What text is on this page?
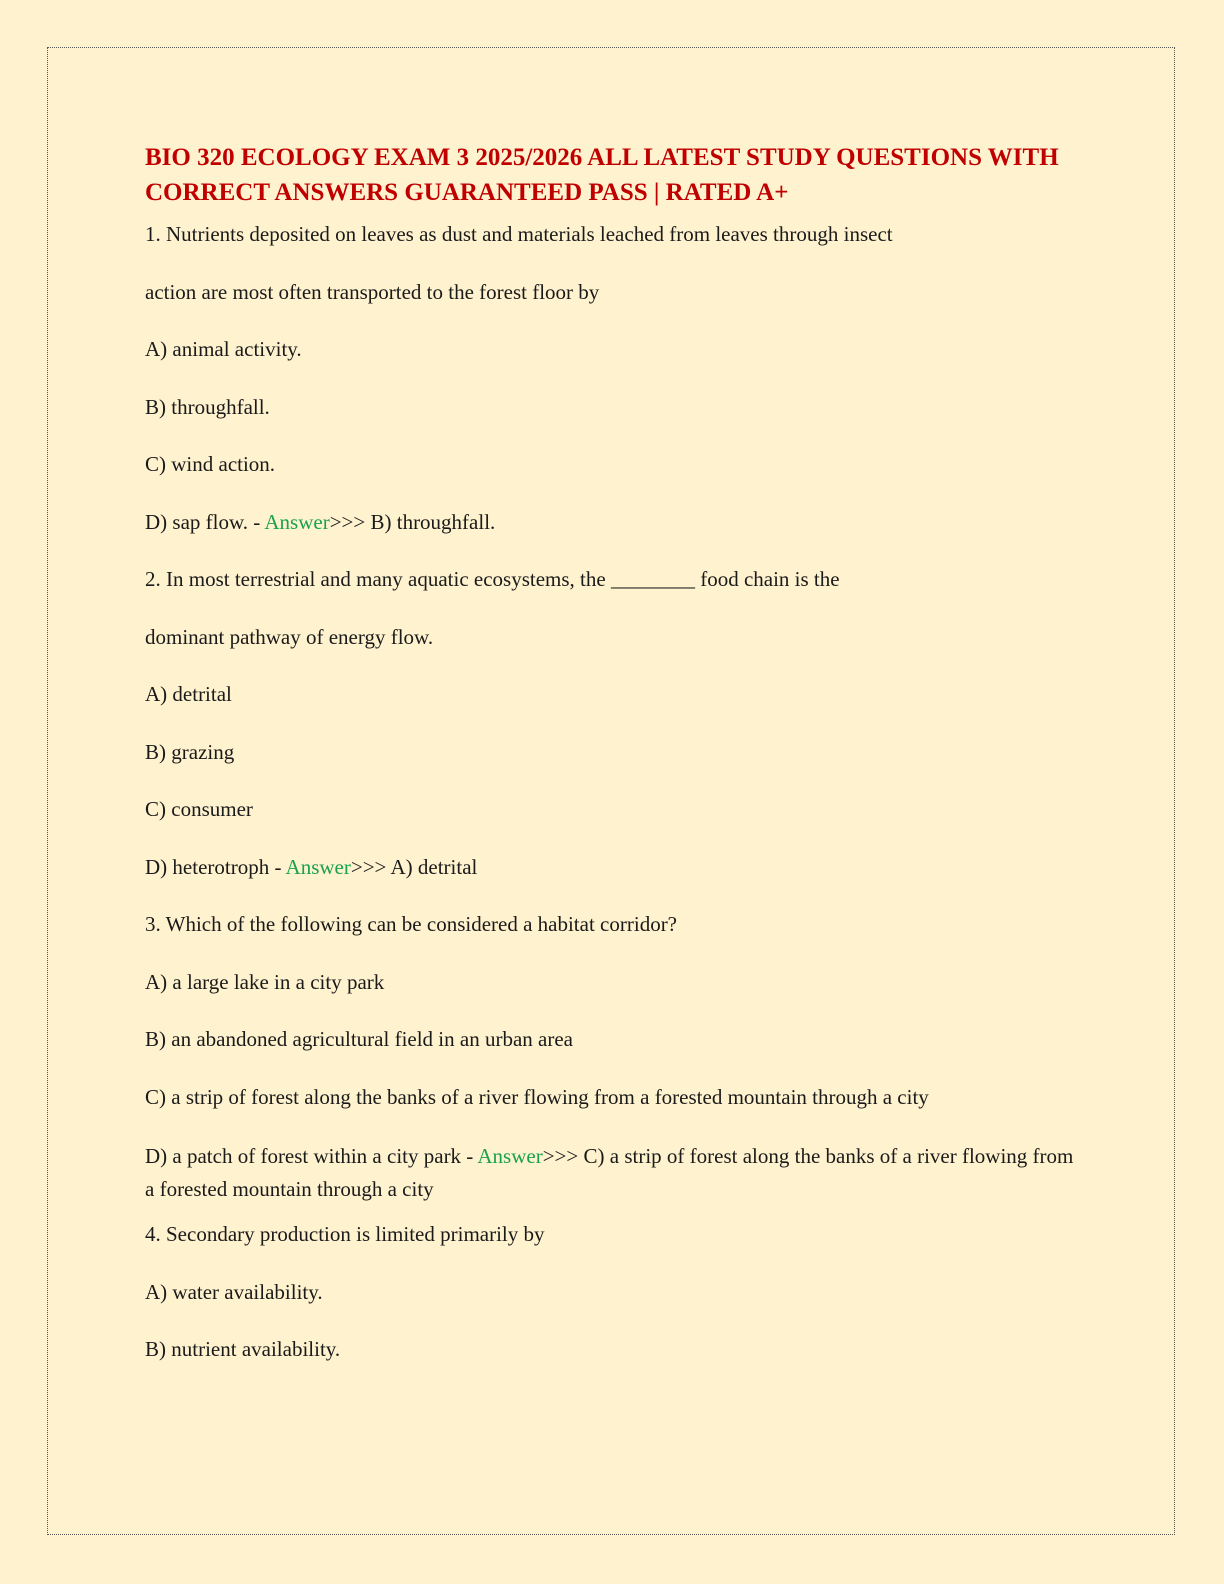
BIO 320 ECOLOGY EXAM 3 2025/2026 ALL LATEST STUDY QUESTIONS WITH CORRECT ANSWERS GUARANTEED PASS | RATED A+
1. Nutrients deposited on leaves as dust and materials leached from leaves through insect
action are most often transported to the forest floor by
A) animal activity.
B) throughfall.
C) wind action.
D) sap flow. - Answer>>> B) throughfall.
2. In most terrestrial and many aquatic ecosystems, the ________ food chain is the
dominant pathway of energy flow.
A) detrital
B) grazing
C) consumer
D) heterotroph - Answer>>> A) detrital
3. Which of the following can be considered a habitat corridor?
A) a large lake in a city park
B) an abandoned agricultural field in an urban area
C) a strip of forest along the banks of a river flowing from a forested mountain through a city
D) a patch of forest within a city park - Answer>>> C) a strip of forest along the banks of a river flowing from a forested mountain through a city
4. Secondary production is limited primarily by
A) water availability.
B) nutrient availability.
